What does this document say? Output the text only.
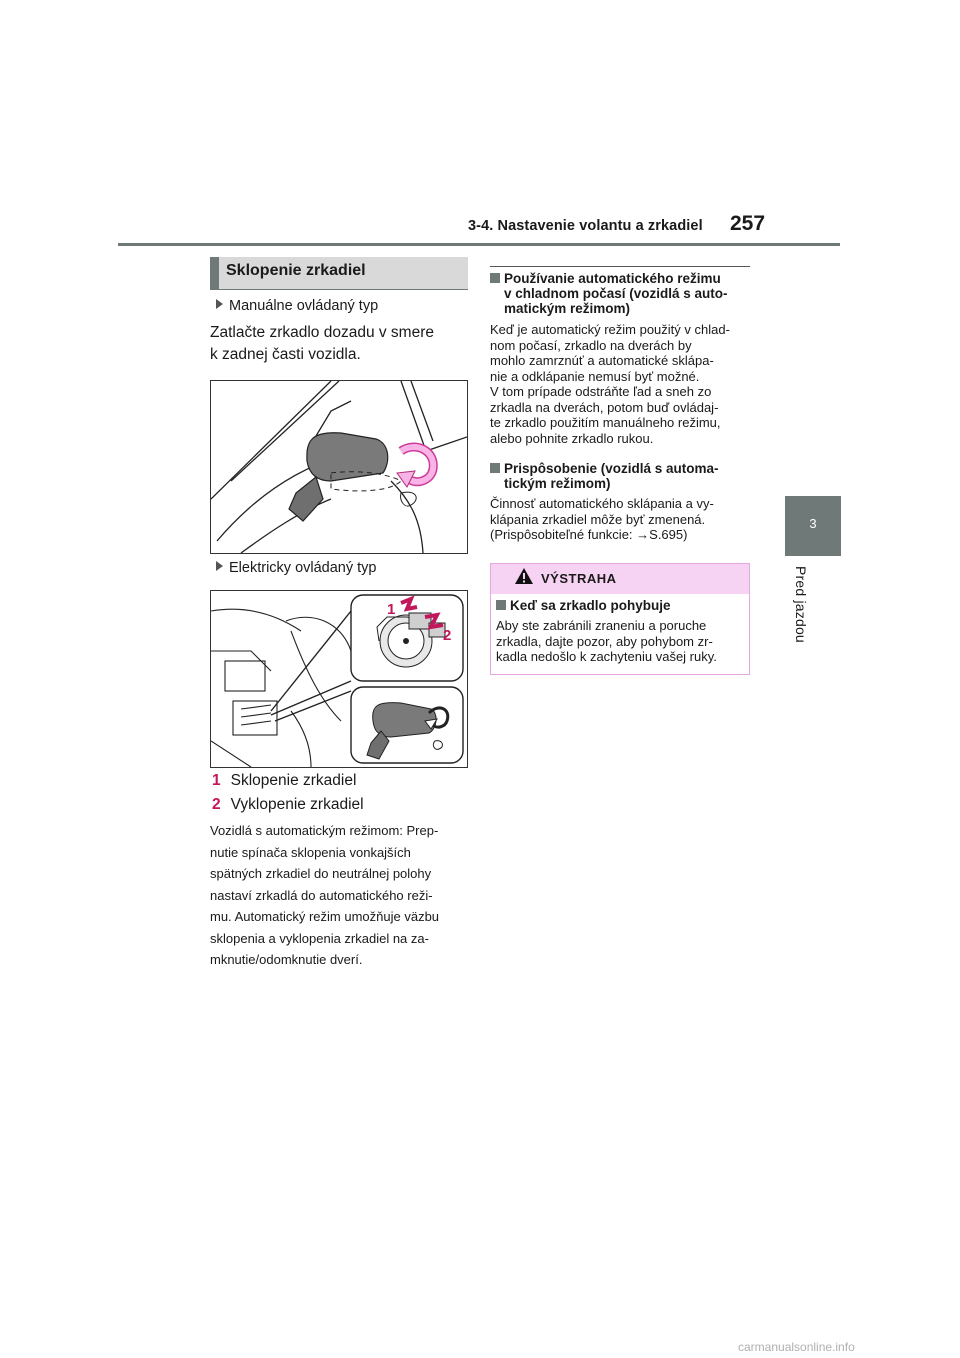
3-4. Nastavenie volantu a zrkadiel 257
3
Pred jazdou
Sklopenie zrkadiel
Manuálne ovládaný typ
Zatlačte zrkadlo dozadu v smere
k zadnej časti vozidla.
Elektricky ovládaný typ
1
2
1 Sklopenie zrkadiel
2 Vyklopenie zrkadiel
Vozidlá s automatickým režimom: Prep-
nutie spínača sklopenia vonkajších
spätných zrkadiel do neutrálnej polohy
nastaví zrkadlá do automatického reži-
mu. Automatický režim umožňuje väzbu
sklopenia a vyklopenia zrkadiel na za-
mknutie/odomknutie dverí.
Používanie automatického režimu
v chladnom počasí (vozidlá s auto-
matickým režimom)
Keď je automatický režim použitý v chlad-
nom počasí, zrkadlo na dverách by
mohlo zamrznúť a automatické sklápa-
nie a odklápanie nemusí byť možné.
V tom prípade odstráňte ľad a sneh zo
zrkadla na dverách, potom buď ovládaj-
te zrkadlo použitím manuálneho režimu,
alebo pohnite zrkadlo rukou.
Prispôsobenie (vozidlá s automa-
tickým režimom)
Činnosť automatického sklápania a vy-
klápania zrkadiel môže byť zmenená.
(Prispôsobiteľné funkcie: →S.695)
VÝSTRAHA
Keď sa zrkadlo pohybuje
Aby ste zabránili zraneniu a poruche
zrkadla, dajte pozor, aby pohybom zr-
kadla nedošlo k zachyteniu vašej ruky.
carmanualsonline.info
